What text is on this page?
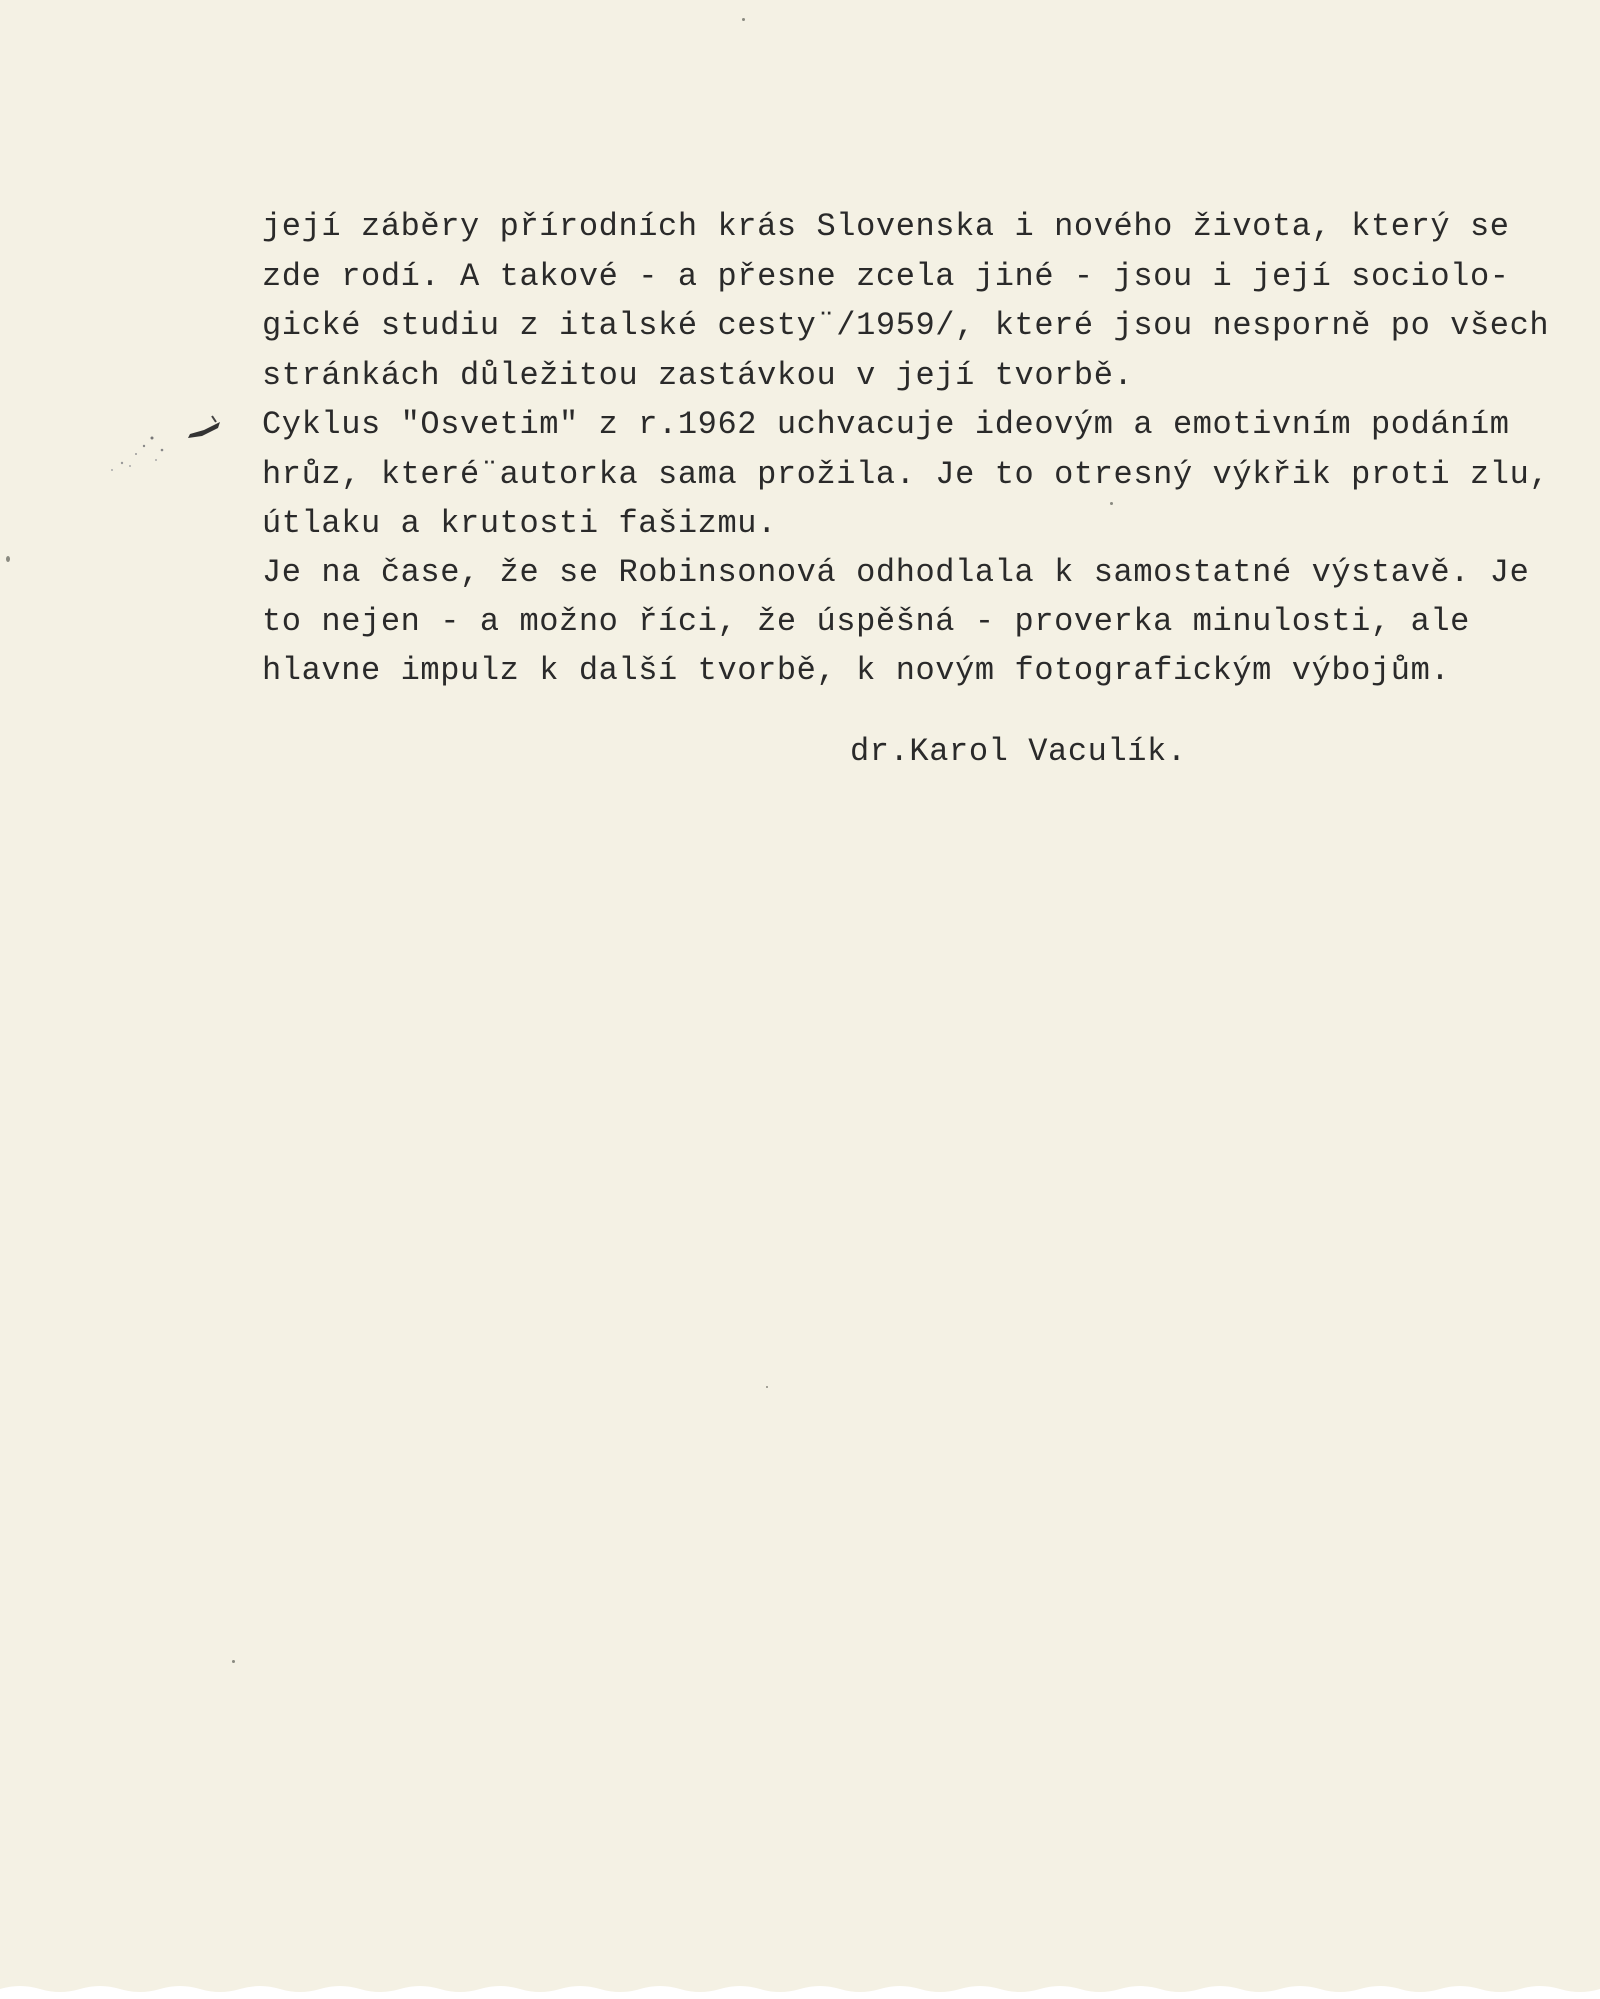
její záběry přírodních krás Slovenska i nového života, který se
zde rodí. A takové - a přesne zcela jiné - jsou i její sociolo-
gické studiu z italské cesty¨/1959/, které jsou nesporně po všech
stránkách důležitou zastávkou v její tvorbě.
Cyklus "Osvetim" z r.1962 uchvacuje ideovým a emotivním podáním
hrůz, které¨autorka sama prožila. Je to otresný výkřik proti zlu,
útlaku a krutosti fašizmu.
Je na čase, že se Robinsonová odhodlala k samostatné výstavě. Je
to nejen - a možno říci, že úspěšná - proverka minulosti, ale
hlavne impulz k další tvorbě, k novým fotografickým výbojům.
dr.Karol Vaculík.
